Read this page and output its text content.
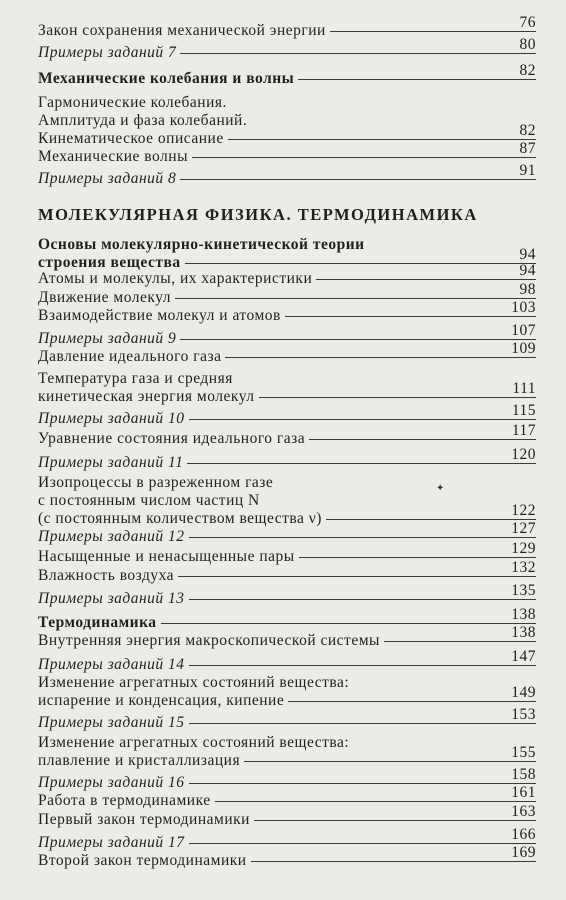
МОЛЕКУЛЯРНАЯ ФИЗИКА. ТЕРМОДИНАМИКА
Закон сохранения механической энергии	76
Примеры заданий 7	80
Механические колебания и волны	82
Гармонические колебания.
Амплитуда и фаза колебаний.
Кинематическое описание	82
Механические волны	87
Примеры заданий 8	91
Основы молекулярно-кинетической теории
строения вещества	94
Атомы и молекулы, их характеристики	94
Движение молекул	98
Взаимодействие молекул и атомов	103
Примеры заданий 9	107
Давление идеального газа	109
Температура газа и средняя
кинетическая энергия молекул	111
Примеры заданий 10	115
Уравнение состояния идеального газа	117
Примеры заданий 11	120
Изопроцессы в разреженном газе
с постоянным числом частиц N
(с постоянным количеством вещества ν)	122
Примеры заданий 12	127
Насыщенные и ненасыщенные пары	129
Влажность воздуха	132
Примеры заданий 13	135
Термодинамика	138
Внутренняя энергия макроскопической системы	138
Примеры заданий 14	147
Изменение агрегатных состояний вещества:
испарение и конденсация, кипение	149
Примеры заданий 15	153
Изменение агрегатных состояний вещества:
плавление и кристаллизация	155
Примеры заданий 16	158
Работа в термодинамике	161
Первый закон термодинамики	163
Примеры заданий 17	166
Второй закон термодинамики	169
✦
